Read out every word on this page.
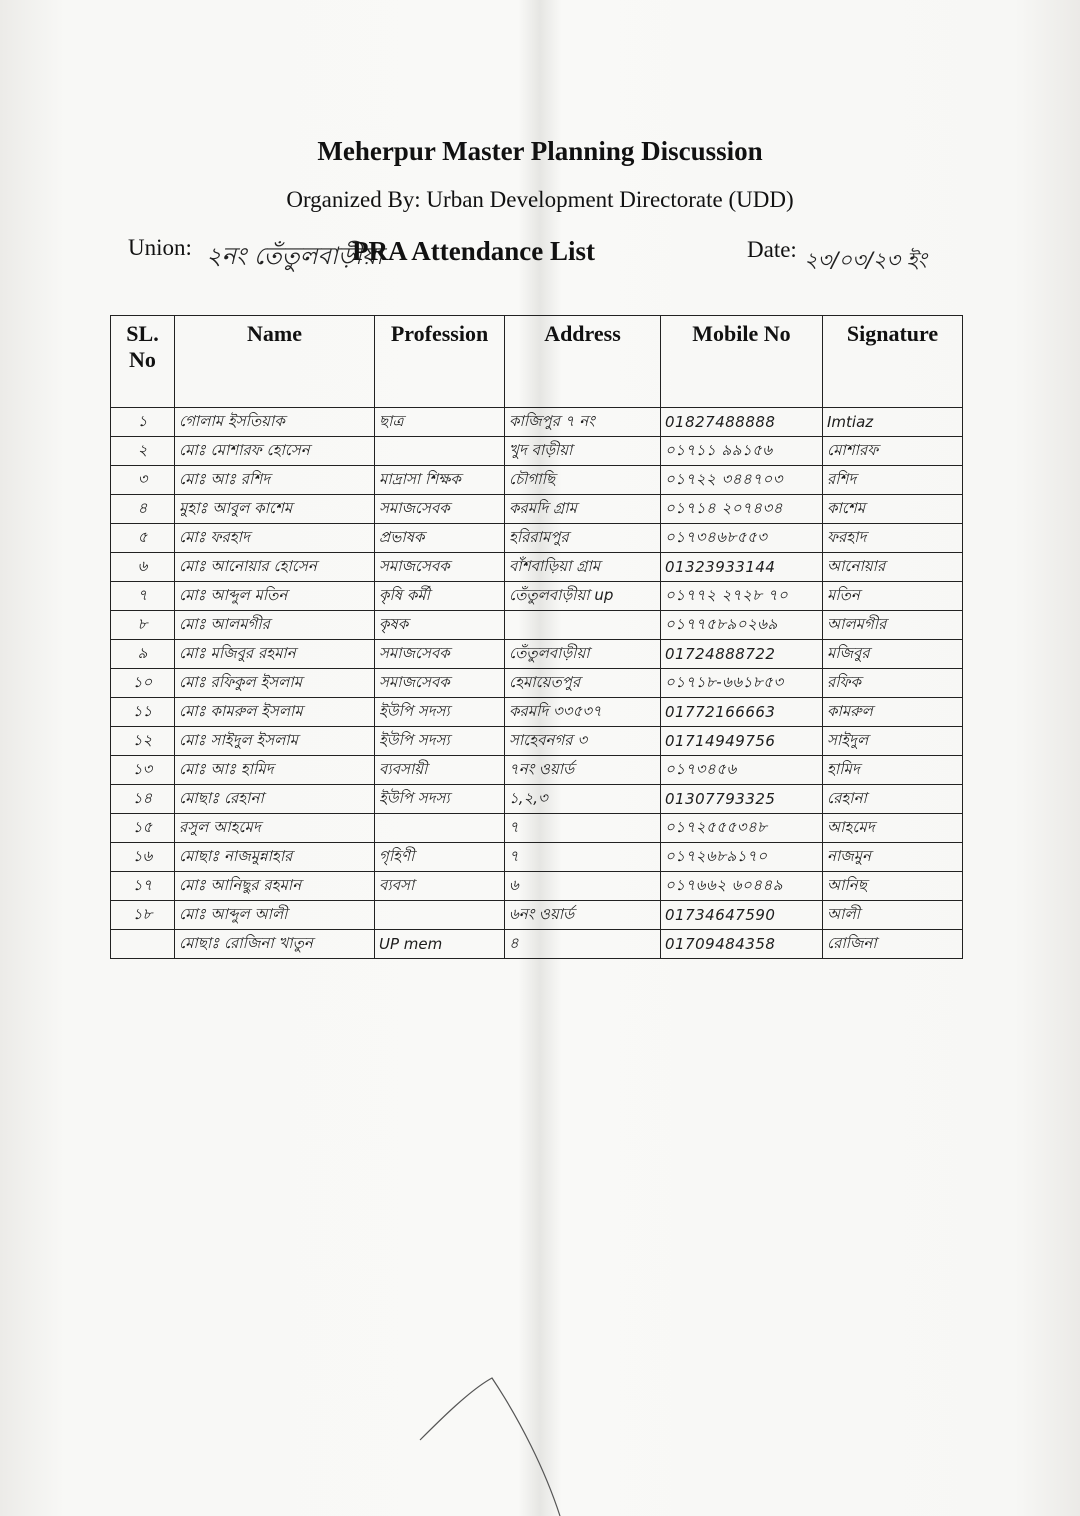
Meherpur Master Planning Discussion
Organized By: Urban Development Directorate (UDD)
Union: ২নং তেঁতুলবাড়ীয়া
PRA Attendance List	Date: ২৩/০৩/২৩ ইং
SL. No	Name	Profession	Address	Mobile No	Signature
১	গোলাম ইসতিয়াক	ছাত্র	কাজিপুর ৭ নং	01827488888	Imtiaz
২	মোঃ মোশারফ হোসেন		খুদ বাড়ীয়া	০১৭১১ ৯৯১৫৬	মোশারফ
৩	মোঃ আঃ রশিদ	মাদ্রাসা শিক্ষক	চৌগাছি	০১৭২২ ৩৪৪৭০৩	রশিদ
৪	মুহাঃ আবুল কাশেম	সমাজসেবক	করমদি গ্রাম	০১৭১৪ ২০৭৪৩৪	কাশেম
৫	মোঃ ফরহাদ	প্রভাষক	হরিরামপুর	০১৭৩৪৬৮৫৫৩	ফরহাদ
৬	মোঃ আনোয়ার হোসেন	সমাজসেবক	বাঁশবাড়িয়া গ্রাম	01323933144	আনোয়ার
৭	মোঃ আব্দুল মতিন	কৃষি কর্মী	তেঁতুলবাড়ীয়া up	০১৭৭২ ২৭২৮ ৭০	মতিন
৮	মোঃ আলমগীর	কৃষক		০১৭৭৫৮৯০২৬৯	আলমগীর
৯	মোঃ মজিবুর রহমান	সমাজসেবক	তেঁতুলবাড়ীয়া	01724888722	মজিবুর
১০	মোঃ রফিকুল ইসলাম	সমাজসেবক	হেমায়েতপুর	০১৭১৮-৬৬১৮৫৩	রফিক
১১	মোঃ কামরুল ইসলাম	ইউপি সদস্য	করমদি ৩৩৫৩৭	01772166663	কামরুল
১২	মোঃ সাইদুল ইসলাম	ইউপি সদস্য	সাহেবনগর ৩	01714949756	সাইদুল
১৩	মোঃ আঃ হামিদ	ব্যবসায়ী	৭নং ওয়ার্ড	০১৭৩৪৫৬	হামিদ
১৪	মোছাঃ রেহানা	ইউপি সদস্য	১,২,৩	01307793325	রেহানা
১৫	রসুল আহমেদ		৭	০১৭২৫৫৫৩৪৮	আহমেদ
১৬	মোছাঃ নাজমুন্নাহার	গৃহিণী	৭	০১৭২৬৮৯১৭০	নাজমুন
১৭	মোঃ আনিছুর রহমান	ব্যবসা	৬	০১৭৬৬২ ৬০৪৪৯	আনিছ
১৮	মোঃ আব্দুল আলী		৬নং ওয়ার্ড	01734647590	আলী
	মোছাঃ রোজিনা খাতুন	UP mem	৪	01709484358	রোজিনা
